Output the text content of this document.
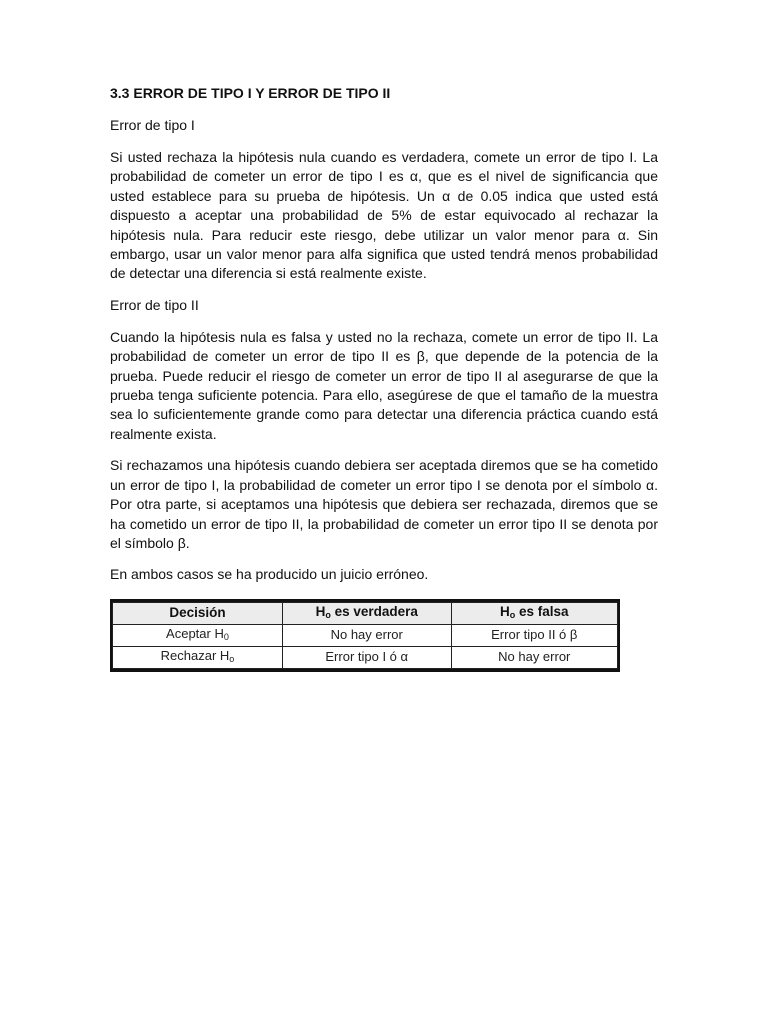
3.3 ERROR DE TIPO I Y ERROR DE TIPO II

Error de tipo I

Si usted rechaza la hipótesis nula cuando es verdadera, comete un error de tipo I. La probabilidad de cometer un error de tipo I es α, que es el nivel de significancia que usted establece para su prueba de hipótesis. Un α de 0.05 indica que usted está dispuesto a aceptar una probabilidad de 5% de estar equivocado al rechazar la hipótesis nula. Para reducir este riesgo, debe utilizar un valor menor para α. Sin embargo, usar un valor menor para alfa significa que usted tendrá menos probabilidad de detectar una diferencia si está realmente existe.

Error de tipo II

Cuando la hipótesis nula es falsa y usted no la rechaza, comete un error de tipo II. La probabilidad de cometer un error de tipo II es β, que depende de la potencia de la prueba. Puede reducir el riesgo de cometer un error de tipo II al asegurarse de que la prueba tenga suficiente potencia. Para ello, asegúrese de que el tamaño de la muestra sea lo suficientemente grande como para detectar una diferencia práctica cuando está realmente exista.

Si rechazamos una hipótesis cuando debiera ser aceptada diremos que se ha cometido un error de tipo I, la probabilidad de cometer un error tipo I se denota por el símbolo α. Por otra parte, si aceptamos una hipótesis que debiera ser rechazada, diremos que se ha cometido un error de tipo II, la probabilidad de cometer un error tipo II se denota por el símbolo β.

En ambos casos se ha producido un juicio erróneo.

Decisión	$H_o$ es verdadera	$H_o$ es falsa
Aceptar $H_0$	No hay error	Error tipo II ó β
Rechazar $H_o$	Error tipo I ó α	No hay error
